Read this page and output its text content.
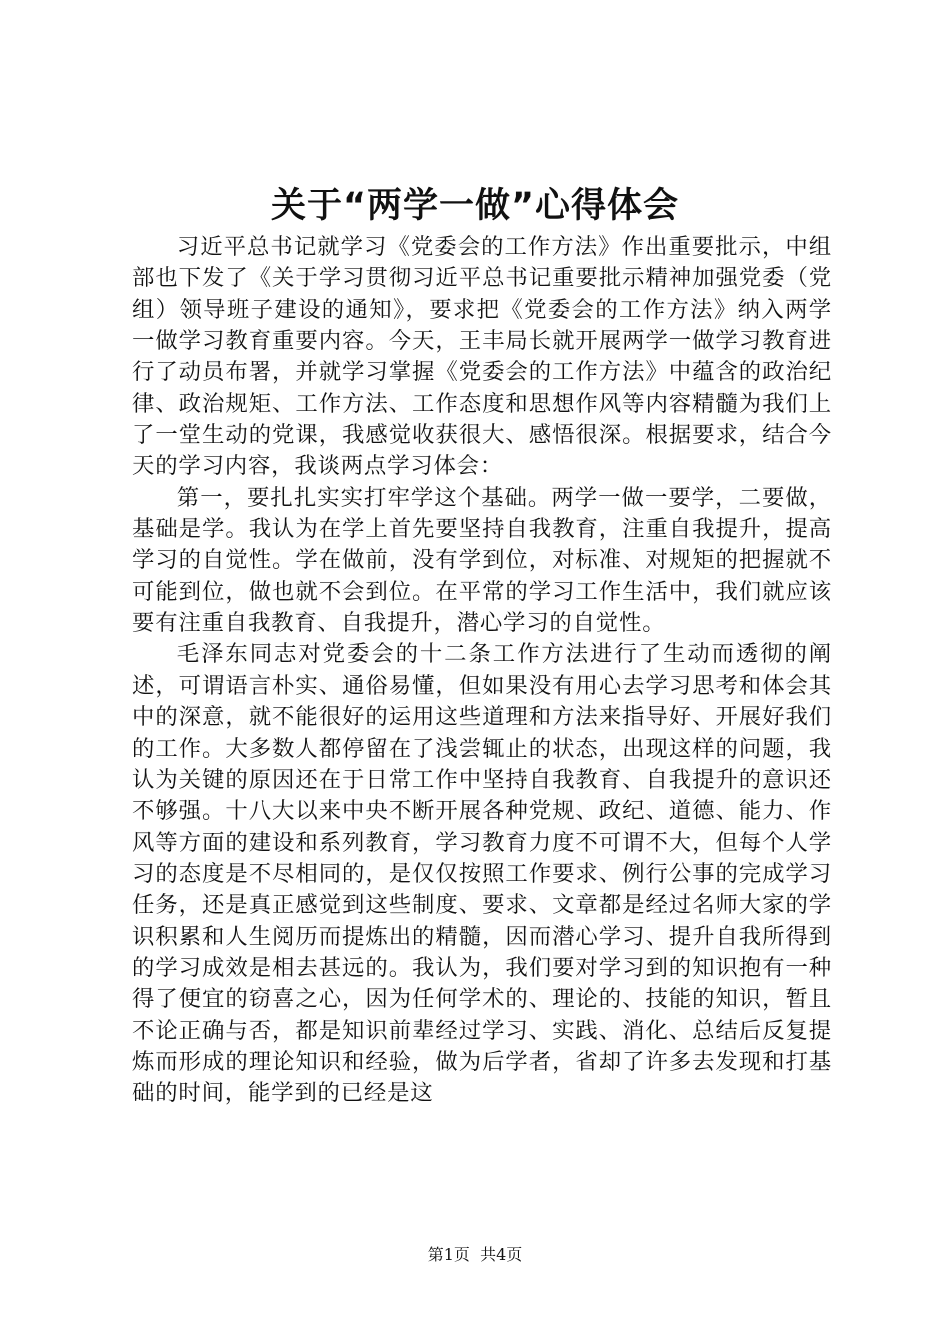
关于“两学一做”心得体会

习近平总书记就学习《党委会的工作方法》作出重要批示，中组部也下发了《关于学习贯彻习近平总书记重要批示精神加强党委（党组）领导班子建设的通知》，要求把《党委会的工作方法》纳入两学一做学习教育重要内容。今天，王丰局长就开展两学一做学习教育进行了动员布署，并就学习掌握《党委会的工作方法》中蕴含的政治纪律、政治规矩、工作方法、工作态度和思想作风等内容精髓为我们上了一堂生动的党课，我感觉收获很大、感悟很深。根据要求，结合今天的学习内容，我谈两点学习体会：

第一，要扎扎实实打牢学这个基础。两学一做一要学，二要做，基础是学。我认为在学上首先要坚持自我教育，注重自我提升，提高学习的自觉性。学在做前，没有学到位，对标准、对规矩的把握就不可能到位，做也就不会到位。在平常的学习工作生活中，我们就应该要有注重自我教育、自我提升，潜心学习的自觉性。

毛泽东同志对党委会的十二条工作方法进行了生动而透彻的阐述，可谓语言朴实、通俗易懂，但如果没有用心去学习思考和体会其中的深意，就不能很好的运用这些道理和方法来指导好、开展好我们的工作。大多数人都停留在了浅尝辄止的状态，出现这样的问题，我认为关键的原因还在于日常工作中坚持自我教育、自我提升的意识还不够强。十八大以来中央不断开展各种党规、政纪、道德、能力、作风等方面的建设和系列教育，学习教育力度不可谓不大，但每个人学习的态度是不尽相同的，是仅仅按照工作要求、例行公事的完成学习任务，还是真正感觉到这些制度、要求、文章都是经过名师大家的学识积累和人生阅历而提炼出的精髓，因而潜心学习、提升自我所得到的学习成效是相去甚远的。我认为，我们要对学习到的知识抱有一种得了便宜的窃喜之心，因为任何学术的、理论的、技能的知识，暂且不论正确与否，都是知识前辈经过学习、实践、消化、总结后反复提炼而形成的理论知识和经验，做为后学者，省却了许多去发现和打基础的时间，能学到的已经是这

第1页 共4页
